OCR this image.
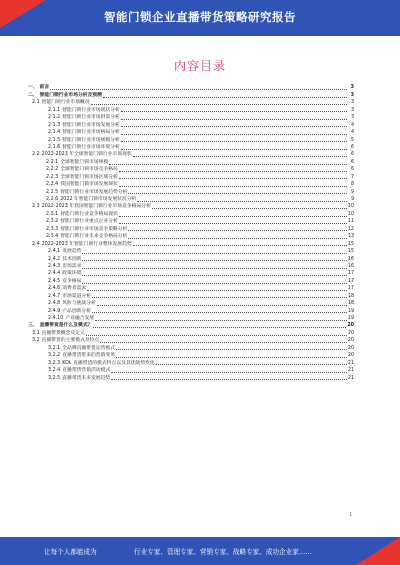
智能门锁企业直播带货策略研究报告
内容目录
一、 前言	3
二、 智能门锁行业市场分析及预测	3
2.1 智能门锁行业市场概况	3
2.1.1 智能门锁行业市场现状分析	3
2.1.2 智能门锁行业市场供需分析	3
2.1.3 智能门锁行业市场发展分析	4
2.1.4 智能门锁行业市场格局分析	4
2.1.5 智能门锁行业市场规模分析	5
2.1.6 智能门锁行业市场环境分析	6
2.2 2022-2023 年全球智能门锁行业市场现状	6
2.2.1 全球智能门锁市场规模	6
2.2.2 全球智能门锁市场竞争格局	6
2.2.3 全球智能门锁市场区域分析	7
2.2.4 我国智能门锁市场发展现状	8
2.2.5 智能门锁行业市场发展趋势分析	9
2.2.6 2022 年智能门锁市场发展状况分析	9
2.3 2022-2023 年我国智能门锁行业市场竞争格局分析	10
2.3.1 智能门锁行业竞争格局现状	10
2.3.2 智能门锁行业重点企业分析	11
2.3.3 智能门锁行业市场竞争策略分析	12
2.3.4 智能门锁行业未来竞争格局分析	13
2.4 2022-2023 年智能门锁行业整体发展趋势	15
2.4.1 发展趋势	15
2.4.2 技术创新	16
2.4.3 市场需求	16
2.4.4 政策环境	17
2.4.5 竞争格局	17
2.4.6 消费者需求	17
2.4.7 市场渠道分析	18
2.4.8 风险与挑战分析	18
2.4.9 产品创新分析	19
2.4.10 产业融合发展	19
三、 直播带货是什么及模式？	20
3.1 直播带货概念及定义	20
3.2 直播带货的主要模式及特点	20
3.2.1 全品牌直播带货运营模式	20
3.2.2 直播带货带来的营销变革	20
3.2.3 KOL 直播带货的模式特点以及其优缺势变化	21
3.2.4 直播带货营销活动模式	21
3.2.5 直播带货未来发展趋势	21
1
让每个人都能成为	行业专家、管理专家、营销专家、战略专家、成功企业家……
